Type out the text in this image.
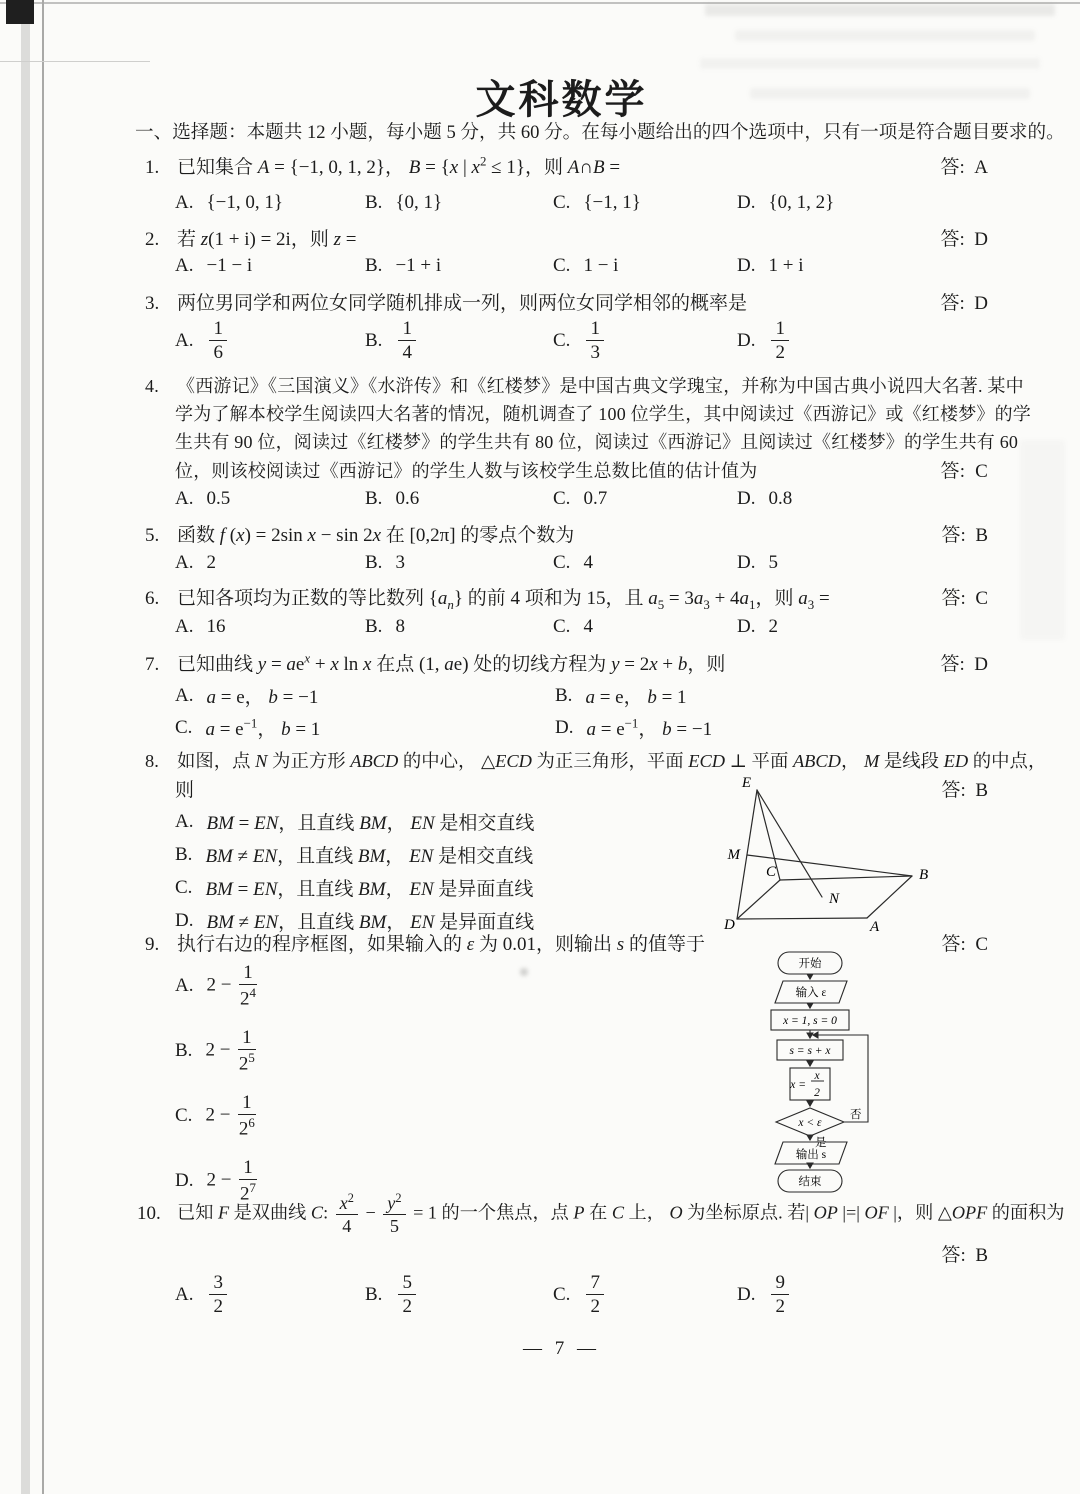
文科数学
一、选择题：本题共 12 小题，每小题 5 分，共 60 分。在每小题给出的四个选项中，只有一项是符合题目要求的。
1. 已知集合 A = {−1, 0, 1, 2}， B = {x | $x^2 \le 1$}，则 A∩B =	答: A
A. {−1, 0, 1}	B. {0, 1}	C. {−1, 1}	D. {0, 1, 2}
2. 若 z(1 + i) = 2i，则 z =	答: D
A. −1 − i	B. −1 + i	C. 1 − i	D. 1 + i
3. 两位男同学和两位女同学随机排成一列，则两位女同学相邻的概率是	答: D
A. $\frac{1}{6}$	B. $\frac{1}{4}$	C. $\frac{1}{3}$	D. $\frac{1}{2}$
4.	《西游记》《三国演义》《水浒传》和《红楼梦》是中国古典文学瑰宝，并称为中国古典小说四大名著. 某中
学为了解本校学生阅读四大名著的情况，随机调查了 100 位学生，其中阅读过《西游记》或《红楼梦》的学
生共有 90 位，阅读过《红楼梦》的学生共有 80 位，阅读过《西游记》且阅读过《红楼梦》的学生共有 60
位，则该校阅读过《西游记》的学生人数与该校学生总数比值的估计值为	答: C
A. 0.5	B. 0.6	C. 0.7	D. 0.8
5. 函数 f (x) = 2sin x − sin 2x 在 [0,2π] 的零点个数为	答: B
A. 2	B. 3	C. 4	D. 5
6. 已知各项均为正数的等比数列 $\{a_n\}$ 的前 4 项和为 15，且 $a_5 = 3a_3 + 4a_1$，则 $a_3$ =	答: C
A. 16	B. 8	C. 4	D. 2
7. 已知曲线 $y = ae^x + x$ ln x 在点 (1, ae) 处的切线方程为 y = 2x + b，则	答: D
A. a = e， b = −1	B. a = e， b = 1
C. $a = e^{-1}$， b = 1	D. $a = e^{-1}$， b = −1
8. 如图，点 N 为正方形 ABCD 的中心， △ECD 为正三角形，平面 ECD ⊥ 平面 ABCD， M 是线段 ED 的中点，
则	答: B
A. BM = EN，且直线 BM， EN 是相交直线
B. BM ≠ EN，且直线 BM， EN 是相交直线
C. BM = EN，且直线 BM， EN 是异面直线
D. BM ≠ EN，且直线 BM， EN 是异面直线
9. 执行右边的程序框图，如果输入的 ε 为 0.01，则输出 s 的值等于	答: C
A. $2 - \frac{1}{2^4}$
B. $2 - \frac{1}{2^5}$
C. $2 - \frac{1}{2^6}$
D. $2 - \frac{1}{2^7}$
10. 已知 F 是双曲线 C: $\frac{x^2}{4} - \frac{y^2}{5} = 1$ 的一个焦点，点 P 在 C 上， O 为坐标原点. 若| OP |=| OF |，则 △OPF 的面积为
答: B
A. $\frac{3}{2}$	B. $\frac{5}{2}$	C. $\frac{7}{2}$	D. $\frac{9}{2}$
— 7 —
E
M
C	B
N
D	A
开始
输入 ε
x = 1, s = 0
s = s + x
x =
x
2
x < ε
否
是
输出 s
结束
